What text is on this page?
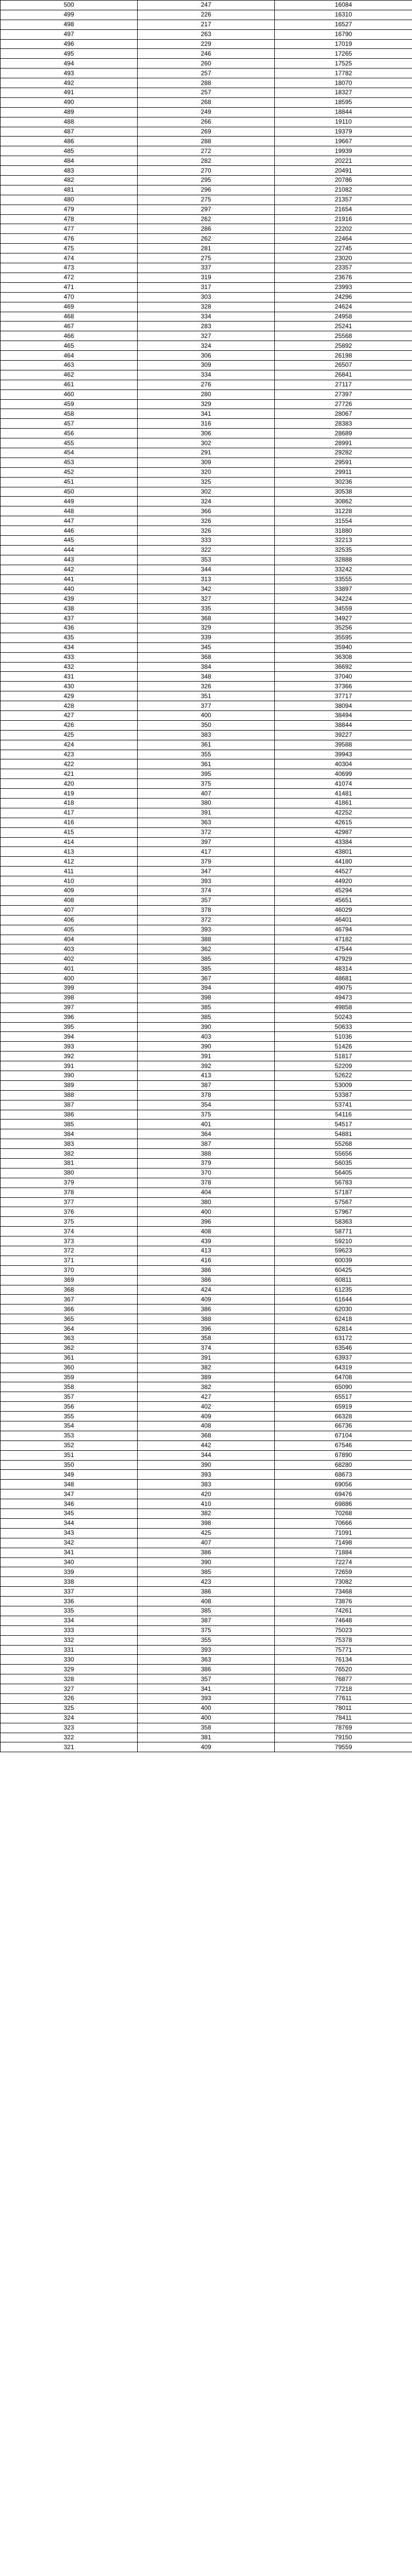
500	247	16084
499	226	16310
498	217	16527
497	263	16790
496	229	17019
495	246	17265
494	260	17525
493	257	17782
492	288	18070
491	257	18327
490	268	18595
489	249	18844
488	266	19110
487	269	19379
486	288	19667
485	272	19939
484	282	20221
483	270	20491
482	295	20786
481	296	21082
480	275	21357
479	297	21654
478	262	21916
477	286	22202
476	262	22464
475	281	22745
474	275	23020
473	337	23357
472	319	23676
471	317	23993
470	303	24296
469	328	24624
468	334	24958
467	283	25241
466	327	25568
465	324	25892
464	306	26198
463	309	26507
462	334	26841
461	276	27117
460	280	27397
459	329	27726
458	341	28067
457	316	28383
456	306	28689
455	302	28991
454	291	29282
453	309	29591
452	320	29911
451	325	30236
450	302	30538
449	324	30862
448	366	31228
447	326	31554
446	326	31880
445	333	32213
444	322	32535
443	353	32888
442	344	33242
441	313	33555
440	342	33897
439	327	34224
438	335	34559
437	368	34927
436	329	35256
435	339	35595
434	345	35940
433	368	36308
432	384	36692
431	348	37040
430	326	37366
429	351	37717
428	377	38094
427	400	38494
426	350	38844
425	383	39227
424	361	39588
423	355	39943
422	361	40304
421	395	40699
420	375	41074
419	407	41481
418	380	41861
417	391	42252
416	363	42615
415	372	42987
414	397	43384
413	417	43801
412	379	44180
411	347	44527
410	393	44920
409	374	45294
408	357	45651
407	378	46029
406	372	46401
405	393	46794
404	388	47182
403	362	47544
402	385	47929
401	385	48314
400	367	48681
399	394	49075
398	398	49473
397	385	49858
396	385	50243
395	390	50633
394	403	51036
393	390	51426
392	391	51817
391	392	52209
390	413	52622
389	387	53009
388	378	53387
387	354	53741
386	375	54116
385	401	54517
384	364	54881
383	387	55268
382	388	55656
381	379	56035
380	370	56405
379	378	56783
378	404	57187
377	380	57567
376	400	57967
375	396	58363
374	408	58771
373	439	59210
372	413	59623
371	416	60039
370	386	60425
369	386	60811
368	424	61235
367	409	61644
366	386	62030
365	388	62418
364	396	62814
363	358	63172
362	374	63546
361	391	63937
360	382	64319
359	389	64708
358	382	65090
357	427	65517
356	402	65919
355	409	66328
354	408	66736
353	368	67104
352	442	67546
351	344	67890
350	390	68280
349	393	68673
348	383	69056
347	420	69476
346	410	69886
345	382	70268
344	398	70666
343	425	71091
342	407	71498
341	386	71884
340	390	72274
339	385	72659
338	423	73082
337	386	73468
336	408	73876
335	385	74261
334	387	74648
333	375	75023
332	355	75378
331	393	75771
330	363	76134
329	386	76520
328	357	76877
327	341	77218
326	393	77611
325	400	78011
324	400	78411
323	358	78769
322	381	79150
321	409	79559
